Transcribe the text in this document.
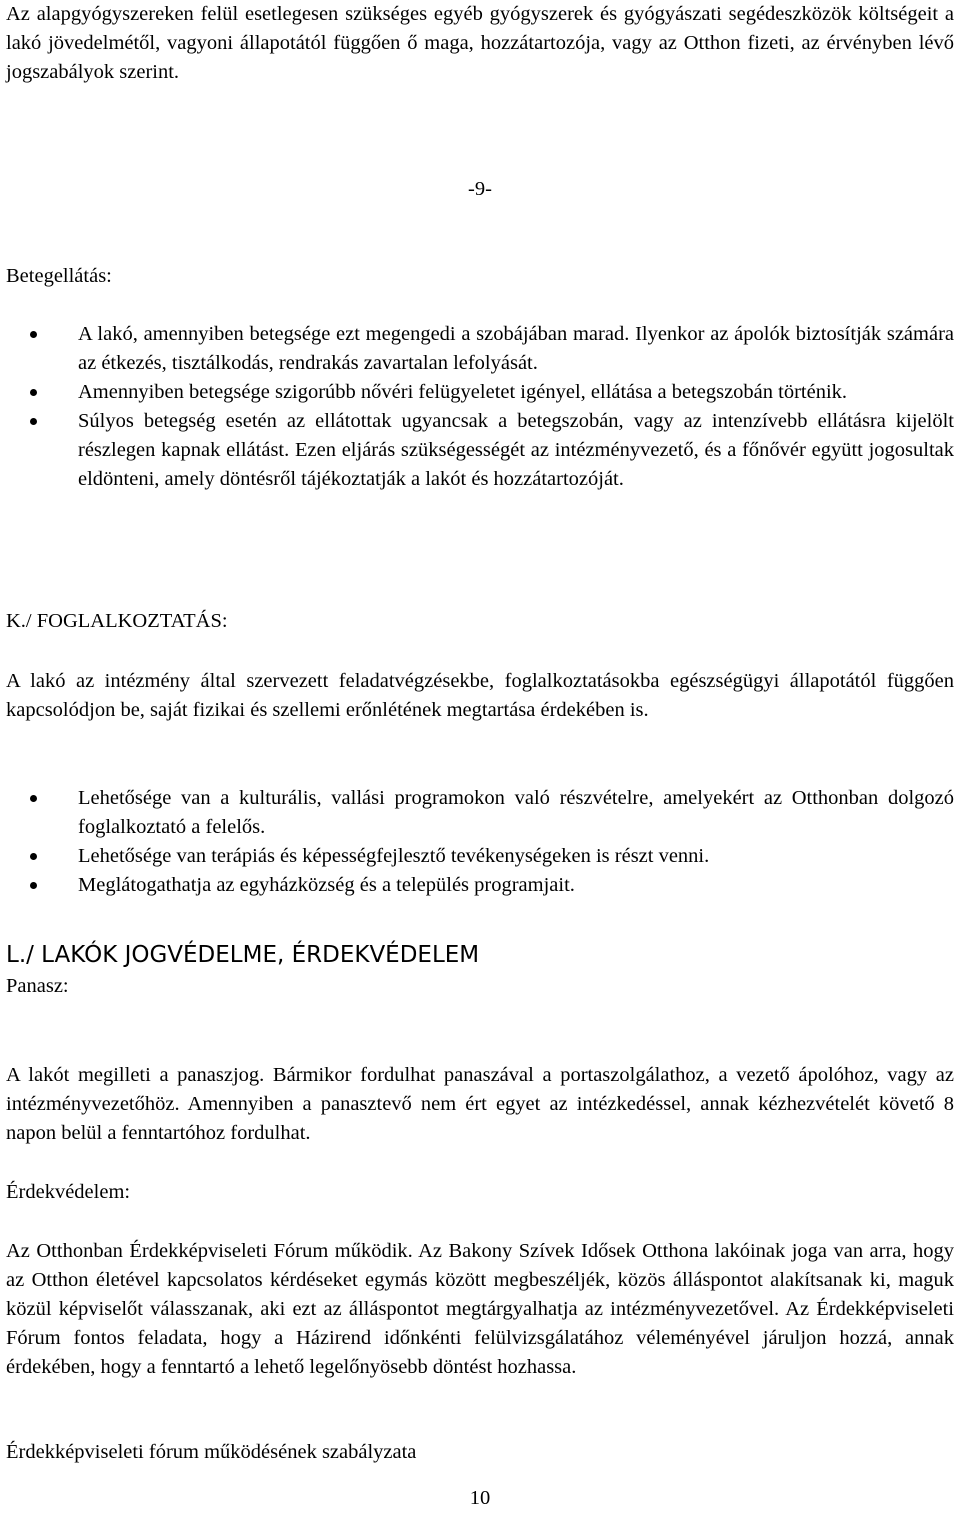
Az alapgyógyszereken felül esetlegesen szükséges egyéb gyógyszerek és gyógyászati segédeszközök költségeit a lakó jövedelmétől, vagyoni állapotától függően ő maga, hozzátartozója, vagy az Otthon fizeti, az érvényben lévő jogszabályok szerint.

-9-

Betegellátás:

A lakó, amennyiben betegsége ezt megengedi a szobájában marad. Ilyenkor az ápolók biztosítják számára az étkezés, tisztálkodás, rendrakás zavartalan lefolyását.
Amennyiben betegsége szigorúbb nővéri felügyeletet igényel, ellátása a betegszobán történik.
Súlyos betegség esetén az ellátottak ugyancsak a betegszobán, vagy az intenzívebb ellátásra kijelölt részlegen kapnak ellátást. Ezen eljárás szükségességét az intézményvezető, és a főnővér együtt jogosultak eldönteni, amely döntésről tájékoztatják a lakót és hozzátartozóját.

K./ FOGLALKOZTATÁS:

A lakó az intézmény által szervezett feladatvégzésekbe, foglalkoztatásokba egészségügyi állapotától függően kapcsolódjon be, saját fizikai és szellemi erőnlétének megtartása érdekében is.

Lehetősége van a kulturális, vallási programokon való részvételre, amelyekért az Otthonban dolgozó foglalkoztató a felelős.
Lehetősége van terápiás és képességfejlesztő tevékenységeken is részt venni.
Meglátogathatja az egyházközség és a település programjait.
L./ LAKÓK JOGVÉDELME, ÉRDEKVÉDELEM

Panasz:

A lakót megilleti a panaszjog. Bármikor fordulhat panaszával a portaszolgálathoz, a vezető ápolóhoz, vagy az intézményvezetőhöz. Amennyiben a panasztevő nem ért egyet az intézkedéssel, annak kézhezvételét követő 8 napon belül a fenntartóhoz fordulhat.

Érdekvédelem:

Az Otthonban Érdekképviseleti Fórum működik. Az Bakony Szívek Idősek Otthona lakóinak joga van arra, hogy az Otthon életével kapcsolatos kérdéseket egymás között megbeszéljék, közös álláspontot alakítsanak ki, maguk közül képviselőt válasszanak, aki ezt az álláspontot megtárgyalhatja az intézményvezetővel. Az Érdekképviseleti Fórum fontos feladata, hogy a Házirend időnkénti felülvizsgálatához véleményével járuljon hozzá, annak érdekében, hogy a fenntartó a lehető legelőnyösebb döntést hozhassa.

Érdekképviseleti fórum működésének szabályzata

10
